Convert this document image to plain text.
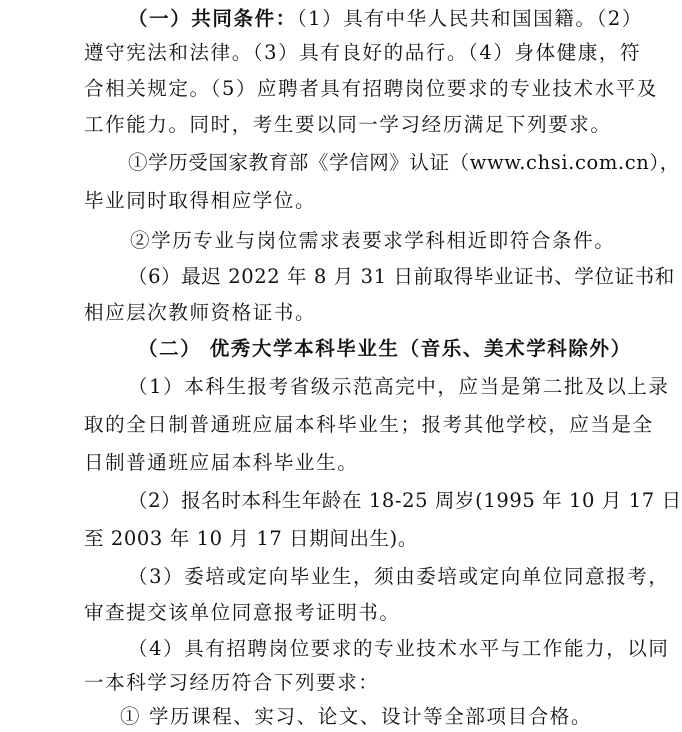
（一）共同条件：（1）具有中华人民共和国国籍。（2）
遵守宪法和法律。（3）具有良好的品行。（4）身体健康，符
合相关规定。（5）应聘者具有招聘岗位要求的专业技术水平及
工作能力。同时，考生要以同一学习经历满足下列要求。
①学历受国家教育部《学信网》认证（www.chsi.com.cn），
毕业同时取得相应学位。
②学历专业与岗位需求表要求学科相近即符合条件。
（6）最迟 2022 年 8 月 31 日前取得毕业证书、学位证书和
相应层次教师资格证书。
（二） 优秀大学本科毕业生（音乐、美术学科除外）
（1）本科生报考省级示范高完中，应当是第二批及以上录
取的全日制普通班应届本科毕业生；报考其他学校，应当是全
日制普通班应届本科毕业生。
（2）报名时本科生年龄在 18-25 周岁(1995 年 10 月 17 日
至 2003 年 10 月 17 日期间出生)。
（3）委培或定向毕业生，须由委培或定向单位同意报考，
审查提交该单位同意报考证明书。
（4）具有招聘岗位要求的专业技术水平与工作能力，以同
一本科学习经历符合下列要求：
① 学历课程、实习、论文、设计等全部项目合格。
